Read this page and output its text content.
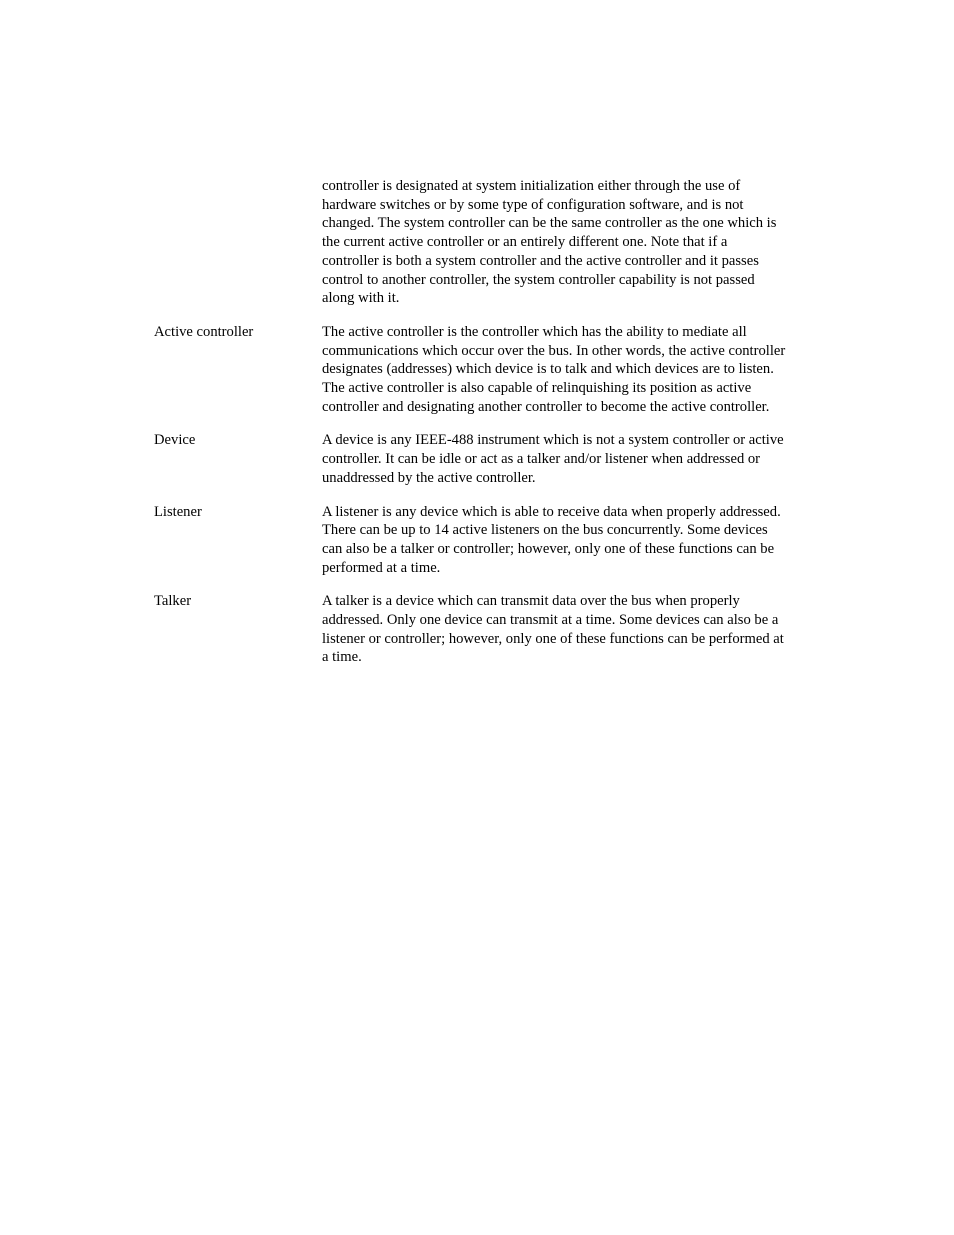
controller is designated at system initialization either through the use of hardware switches or by some type of configuration software, and is not changed. The system controller can be the same controller as the one which is the current active controller or an entirely different one. Note that if a controller is both a system controller and the active controller and it passes control to another controller, the system controller capability is not passed along with it.

Active controller	The active controller is the controller which has the ability to mediate all communications which occur over the bus. In other words, the active controller designates (addresses) which device is to talk and which devices are to listen. The active controller is also capable of relinquishing its position as active controller and designating another controller to become the active controller.

Device	A device is any IEEE-488 instrument which is not a system controller or active controller. It can be idle or act as a talker and/or listener when addressed or unaddressed by the active controller.

Listener	A listener is any device which is able to receive data when properly addressed. There can be up to 14 active listeners on the bus concurrently. Some devices can also be a talker or controller; however, only one of these functions can be performed at a time.

Talker	A talker is a device which can transmit data over the bus when properly addressed. Only one device can transmit at a time. Some devices can also be a listener or controller; however, only one of these functions can be performed at a time.
